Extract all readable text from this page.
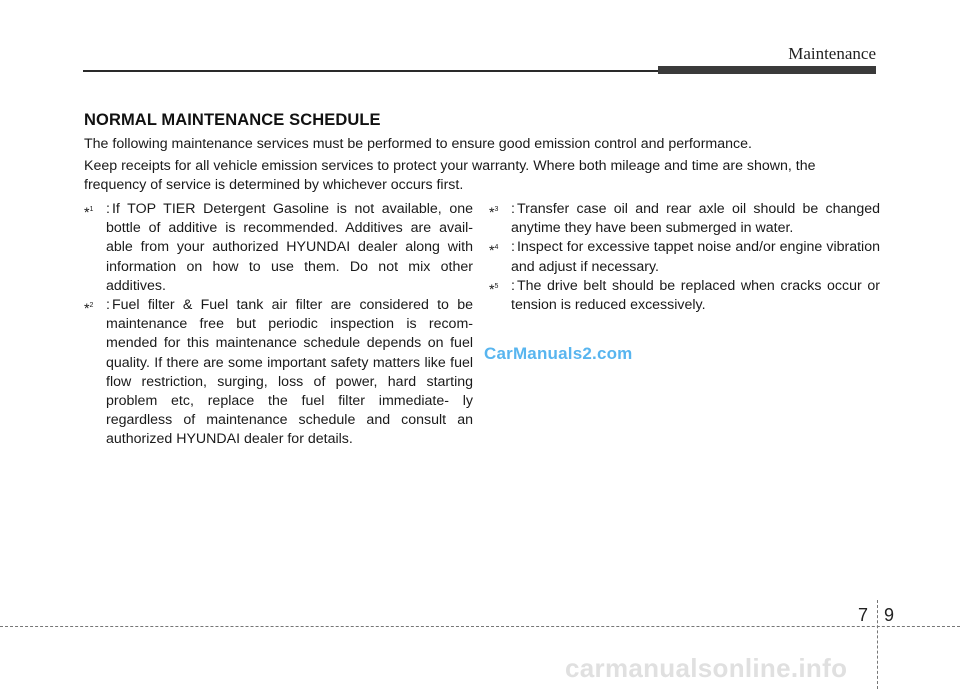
Maintenance
NORMAL MAINTENANCE SCHEDULE
The following maintenance services must be performed to ensure good emission control and performance.
Keep receipts for all vehicle emission services to protect your warranty. Where both mileage and time are shown, the frequency of service is determined by whichever occurs first.
*$^1$ : If TOP TIER Detergent Gasoline is not available, one bottle of additive is recommended. Additives are avail- able from your authorized HYUNDAI dealer along with information on how to use them. Do not mix other additives.
*$^2$ : Fuel filter & Fuel tank air filter are considered to be maintenance free but periodic inspection is recom- mended for this maintenance schedule depends on fuel quality. If there are some important safety matters like fuel flow restriction, surging, loss of power, hard starting problem etc, replace the fuel filter immediate- ly regardless of maintenance schedule and consult an authorized HYUNDAI dealer for details.
*$^3$ : Transfer case oil and rear axle oil should be changed anytime they have been submerged in water.
*$^4$ : Inspect for excessive tappet noise and/or engine vibration and adjust if necessary.
*$^5$ : The drive belt should be replaced when cracks occur or tension is reduced excessively.
CarManuals2.com
7 9
carmanualsonline.info
